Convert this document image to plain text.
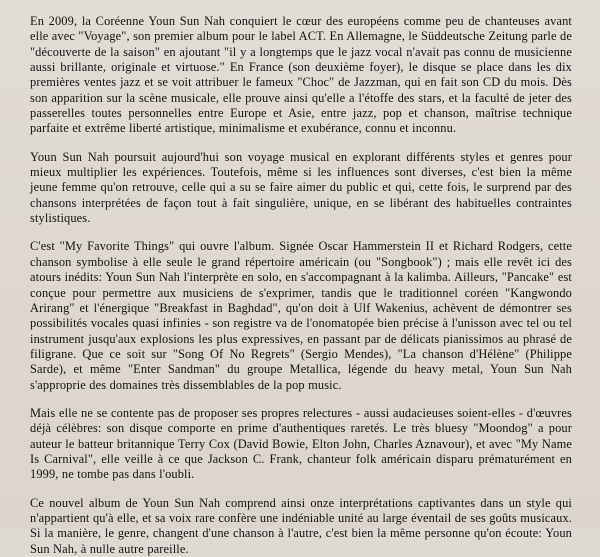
En 2009, la Coréenne Youn Sun Nah conquiert le cœur des européens comme peu de chanteuses avant elle avec "Voyage", son premier album pour le label ACT. En Allemagne, le Süddeutsche Zeitung parle de "découverte de la saison" en ajoutant "il y a longtemps que le jazz vocal n'avait pas connu de musicienne aussi brillante, originale et virtuose." En France (son deuxième foyer), le disque se place dans les dix premières ventes jazz et se voit attribuer le fameux "Choc" de Jazzman, qui en fait son CD du mois. Dès son apparition sur la scène musicale, elle prouve ainsi qu'elle a l'étoffe des stars, et la faculté de jeter des passerelles toutes personnelles entre Europe et Asie, entre jazz, pop et chanson, maîtrise technique parfaite et extrême liberté artistique, minimalisme et exubérance, connu et inconnu.

Youn Sun Nah poursuit aujourd'hui son voyage musical en explorant différents styles et genres pour mieux multiplier les expériences. Toutefois, même si les influences sont diverses, c'est bien la même jeune femme qu'on retrouve, celle qui a su se faire aimer du public et qui, cette fois, le surprend par des chansons interprétées de façon tout à fait singulière, unique, en se libérant des habituelles contraintes stylistiques.

C'est "My Favorite Things" qui ouvre l'album. Signée Oscar Hammerstein II et Richard Rodgers, cette chanson symbolise à elle seule le grand répertoire américain (ou "Songbook") ; mais elle revêt ici des atours inédits: Youn Sun Nah l'interprète en solo, en s'accompagnant à la kalimba. Ailleurs, "Pancake" est conçue pour permettre aux musiciens de s'exprimer, tandis que le traditionnel coréen "Kangwondo Arirang" et l'énergique "Breakfast in Baghdad", qu'on doit à Ulf Wakenius, achèvent de démontrer ses possibilités vocales quasi infinies - son registre va de l'onomatopée bien précise à l'unisson avec tel ou tel instrument jusqu'aux explosions les plus expressives, en passant par de délicats pianissimos au phrasé de filigrane. Que ce soit sur "Song Of No Regrets" (Sergio Mendes), "La chanson d'Hélène" (Philippe Sarde), et même "Enter Sandman" du groupe Metallica, légende du heavy metal, Youn Sun Nah s'approprie des domaines très dissemblables de la pop music.

Mais elle ne se contente pas de proposer ses propres relectures - aussi audacieuses soient-elles - d'œuvres déjà célèbres: son disque comporte en prime d'authentiques raretés. Le très bluesy "Moondog" a pour auteur le batteur britannique Terry Cox (David Bowie, Elton John, Charles Aznavour), et avec "My Name Is Carnival", elle veille à ce que Jackson C. Frank, chanteur folk américain disparu prématurément en 1999, ne tombe pas dans l'oubli.

Ce nouvel album de Youn Sun Nah comprend ainsi onze interprétations captivantes dans un style qui n'appartient qu'à elle, et sa voix rare confère une indéniable unité au large éventail de ses goûts musicaux. Si la manière, le genre, changent d'une chanson à l'autre, c'est bien la même personne qu'on écoute: Youn Sun Nah, à nulle autre pareille.
